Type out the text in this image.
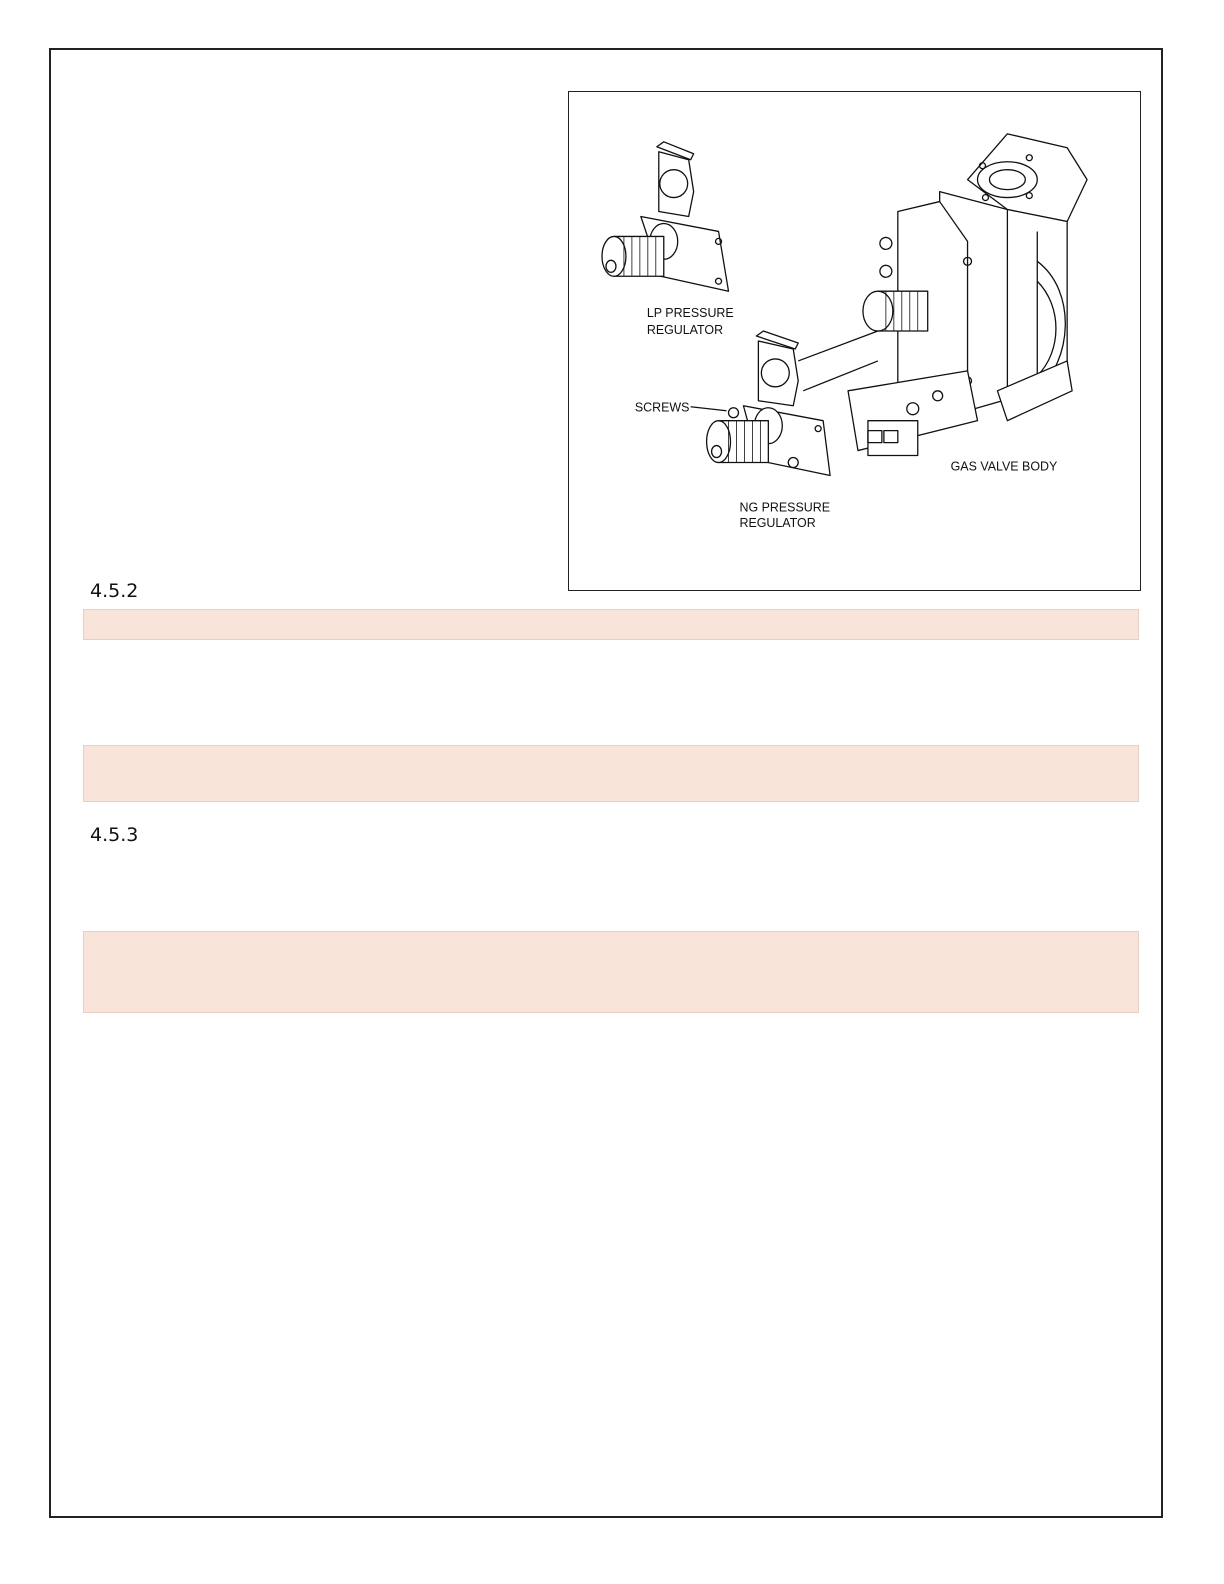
LP PRESSURE
REGULATOR
SCREWS
GAS VALVE BODY
NG PRESSURE
REGULATOR
4.5.2
4.5.3
